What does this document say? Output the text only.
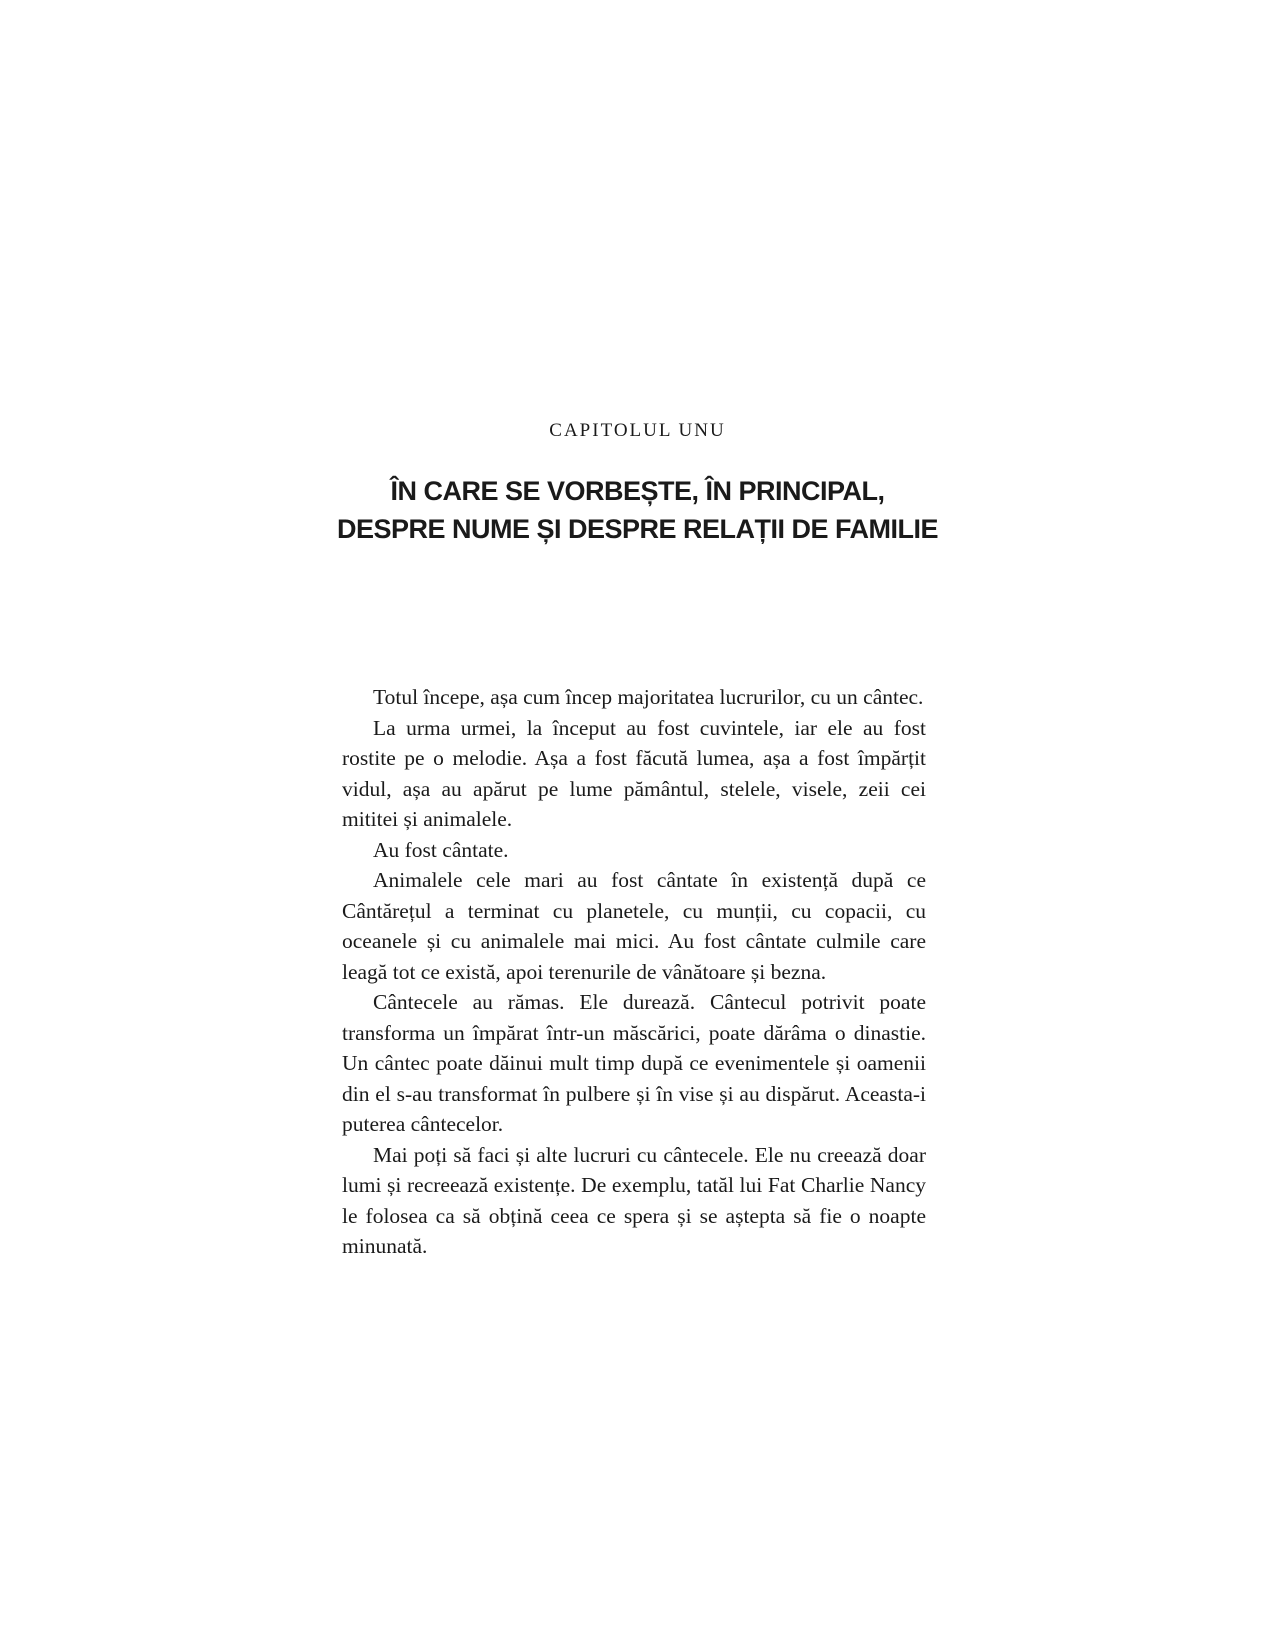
CAPITOLUL UNU
ÎN CARE SE VORBEȘTE, ÎN PRINCIPAL,
DESPRE NUME ȘI DESPRE RELAȚII DE FAMILIE

Totul începe, așa cum încep majoritatea lucrurilor, cu un cântec.

La urma urmei, la început au fost cuvintele, iar ele au fost rostite pe o melodie. Așa a fost făcută lumea, așa a fost împărțit vidul, așa au apărut pe lume pământul, stelele, visele, zeii cei mititei și animalele.

Au fost cântate.

Animalele cele mari au fost cântate în existență după ce Cântărețul a terminat cu planetele, cu munții, cu copacii, cu oceanele și cu animalele mai mici. Au fost cântate culmile care leagă tot ce există, apoi terenurile de vânătoare și bezna.

Cântecele au rămas. Ele durează. Cântecul potrivit poate transforma un împărat într-un măscărici, poate dărâma o dinastie. Un cântec poate dăinui mult timp după ce evenimentele și oamenii din el s-au transformat în pulbere și în vise și au dispărut. Aceasta-i puterea cântecelor.

Mai poți să faci și alte lucruri cu cântecele. Ele nu creează doar lumi și recreează existențe. De exemplu, tatăl lui Fat Charlie Nancy le folosea ca să obțină ceea ce spera și se aștepta să fie o noapte minunată.
